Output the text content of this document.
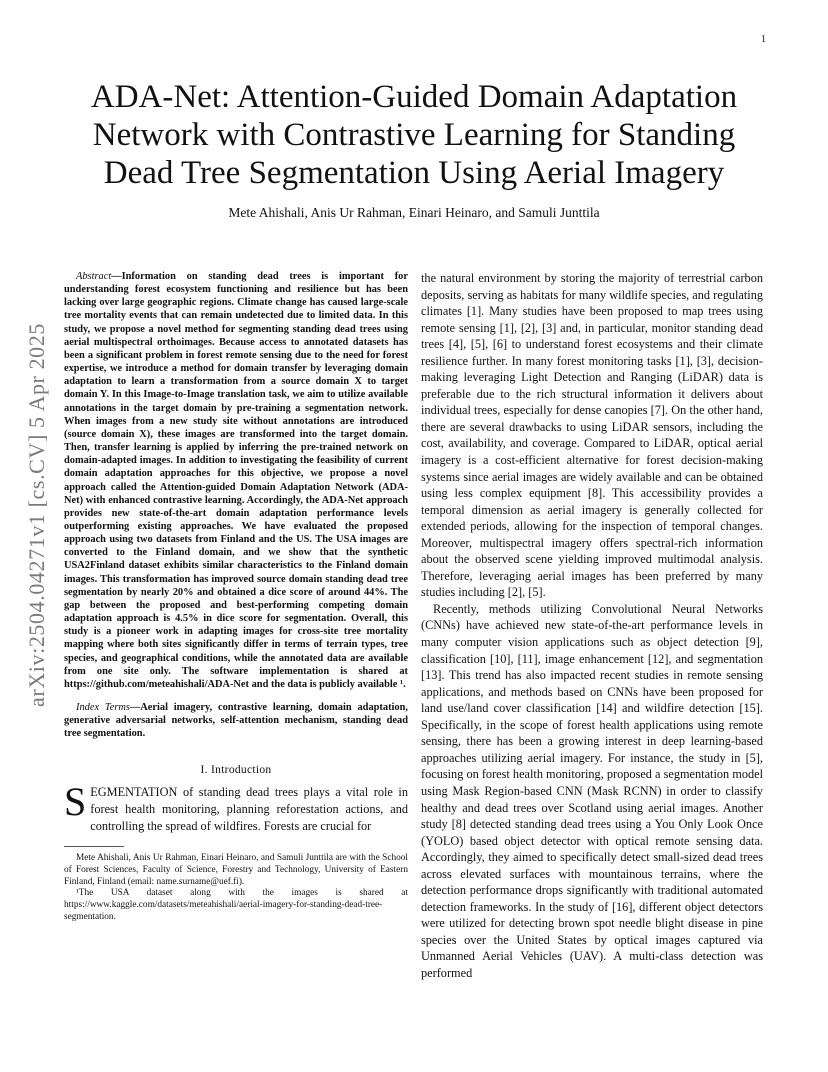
1
arXiv:2504.04271v1 [cs.CV] 5 Apr 2025
ADA-Net: Attention-Guided Domain Adaptation Network with Contrastive Learning for Standing Dead Tree Segmentation Using Aerial Imagery
Mete Ahishali, Anis Ur Rahman, Einari Heinaro, and Samuli Junttila

Abstract—Information on standing dead trees is important for understanding forest ecosystem functioning and resilience but has been lacking over large geographic regions. Climate change has caused large-scale tree mortality events that can remain undetected due to limited data. In this study, we propose a novel method for segmenting standing dead trees using aerial multispectral orthoimages. Because access to annotated datasets has been a significant problem in forest remote sensing due to the need for forest expertise, we introduce a method for domain transfer by leveraging domain adaptation to learn a transformation from a source domain X to target domain Y. In this Image-to-Image translation task, we aim to utilize available annotations in the target domain by pre-training a segmentation network. When images from a new study site without annotations are introduced (source domain X), these images are transformed into the target domain. Then, transfer learning is applied by inferring the pre-trained network on domain-adapted images. In addition to investigating the feasibility of current domain adaptation approaches for this objective, we propose a novel approach called the Attention-guided Domain Adaptation Network (ADA-Net) with enhanced contrastive learning. Accordingly, the ADA-Net approach provides new state-of-the-art domain adaptation performance levels outperforming existing approaches. We have evaluated the proposed approach using two datasets from Finland and the US. The USA images are converted to the Finland domain, and we show that the synthetic USA2Finland dataset exhibits similar characteristics to the Finland domain images. This transformation has improved source domain standing dead tree segmentation by nearly 20% and obtained a dice score of around 44%. The gap between the proposed and best-performing competing domain adaptation approach is 4.5% in dice score for segmentation. Overall, this study is a pioneer work in adapting images for cross-site tree mortality mapping where both sites significantly differ in terms of terrain types, tree species, and geographical conditions, while the annotated data are available from one site only. The software implementation is shared at https://github.com/meteahishali/ADA-Net and the data is publicly available ¹.

Index Terms—Aerial imagery, contrastive learning, domain adaptation, generative adversarial networks, self-attention mechanism, standing dead tree segmentation.

I. Introduction

SEGMENTATION of standing dead trees plays a vital role in forest health monitoring, planning reforestation actions, and controlling the spread of wildfires. Forests are crucial for

Mete Ahishali, Anis Ur Rahman, Einari Heinaro, and Samuli Junttila are with the School of Forest Sciences, Faculty of Science, Forestry and Technology, University of Eastern Finland, Finland (email: name.surname@uef.fi).

¹The USA dataset along with the images is shared at https://www.kaggle.com/datasets/meteahishali/aerial-imagery-for-standing-dead-tree-segmentation.

the natural environment by storing the majority of terrestrial carbon deposits, serving as habitats for many wildlife species, and regulating climates [1]. Many studies have been proposed to map trees using remote sensing [1], [2], [3] and, in particular, monitor standing dead trees [4], [5], [6] to understand forest ecosystems and their climate resilience further. In many forest monitoring tasks [1], [3], decision-making leveraging Light Detection and Ranging (LiDAR) data is preferable due to the rich structural information it delivers about individual trees, especially for dense canopies [7]. On the other hand, there are several drawbacks to using LiDAR sensors, including the cost, availability, and coverage. Compared to LiDAR, optical aerial imagery is a cost-efficient alternative for forest decision-making systems since aerial images are widely available and can be obtained using less complex equipment [8]. This accessibility provides a temporal dimension as aerial imagery is generally collected for extended periods, allowing for the inspection of temporal changes. Moreover, multispectral imagery offers spectral-rich information about the observed scene yielding improved multimodal analysis. Therefore, leveraging aerial images has been preferred by many studies including [2], [5].

Recently, methods utilizing Convolutional Neural Networks (CNNs) have achieved new state-of-the-art performance levels in many computer vision applications such as object detection [9], classification [10], [11], image enhancement [12], and segmentation [13]. This trend has also impacted recent studies in remote sensing applications, and methods based on CNNs have been proposed for land use/land cover classification [14] and wildfire detection [15]. Specifically, in the scope of forest health applications using remote sensing, there has been a growing interest in deep learning-based approaches utilizing aerial imagery. For instance, the study in [5], focusing on forest health monitoring, proposed a segmentation model using Mask Region-based CNN (Mask RCNN) in order to classify healthy and dead trees over Scotland using aerial images. Another study [8] detected standing dead trees using a You Only Look Once (YOLO) based object detector with optical remote sensing data. Accordingly, they aimed to specifically detect small-sized dead trees across elevated surfaces with mountainous terrains, where the detection performance drops significantly with traditional automated detection frameworks. In the study of [16], different object detectors were utilized for detecting brown spot needle blight disease in pine species over the United States by optical images captured via Unmanned Aerial Vehicles (UAV). A multi-class detection was performed
